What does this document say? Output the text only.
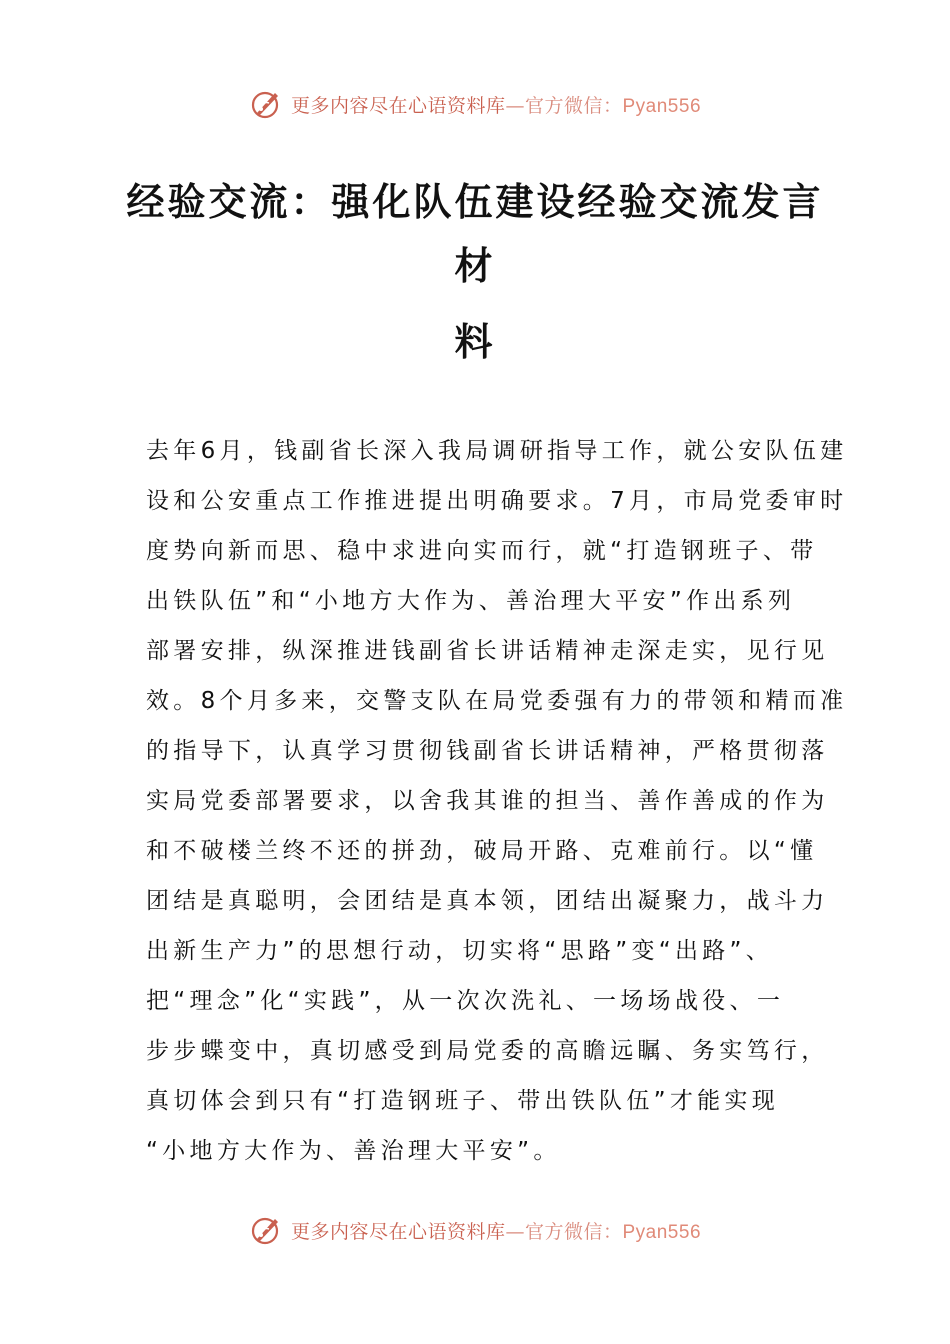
更多内容尽在心语资料库—官方微信：Pyan556
经验交流：强化队伍建设经验交流发言材
料
去年6月，钱副省长深入我局调研指导工作，就公安队伍建
设和公安重点工作推进提出明确要求。7月，市局党委审时
度势向新而思、稳中求进向实而行，就“打造钢班子、带
出铁队伍”和“小地方大作为、善治理大平安”作出系列
部署安排，纵深推进钱副省长讲话精神走深走实，见行见
效。8个月多来，交警支队在局党委强有力的带领和精而准
的指导下，认真学习贯彻钱副省长讲话精神，严格贯彻落
实局党委部署要求，以舍我其谁的担当、善作善成的作为
和不破楼兰终不还的拼劲，破局开路、克难前行。以“懂
团结是真聪明，会团结是真本领，团结出凝聚力，战斗力
出新生产力”的思想行动，切实将“思路”变“出路”、
把“理念”化“实践”，从一次次洗礼、一场场战役、一
步步蝶变中，真切感受到局党委的高瞻远瞩、务实笃行，
真切体会到只有“打造钢班子、带出铁队伍”才能实现
“小地方大作为、善治理大平安”。
更多内容尽在心语资料库—官方微信：Pyan556
